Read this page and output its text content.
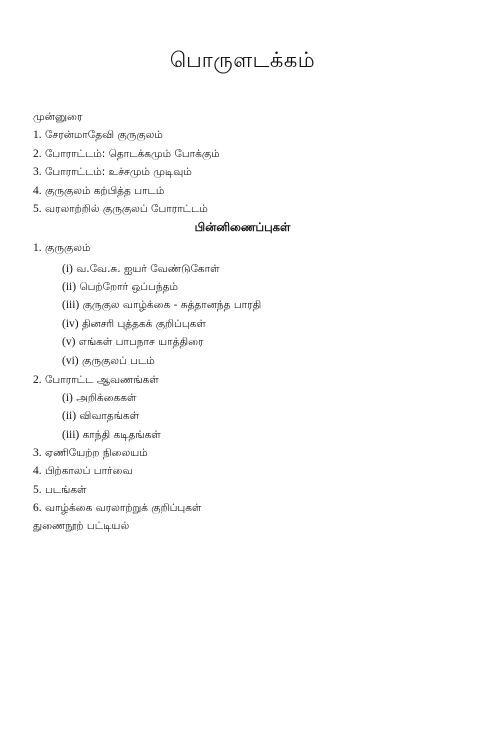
பொருளடக்கம்
முன்னுரை
1. சேரன்மாதேவி குருகுலம்
2. போராட்டம்: தொடக்கமும் போக்கும்
3. போராட்டம்: உச்சமும் முடிவும்
4. குருகுலம் கற்பித்த பாடம்
5. வரலாற்றில் குருகுலப் போராட்டம்
பின்னிணைப்புகள்
1. குருகுலம்
(i) வ.வே.சு. ஐயர் வேண்டுகோள்
(ii) பெற்றோர் ஒப்பந்தம்
(iii) குருகுல வாழ்க்கை - சுத்தானந்த பாரதி
(iv) தினசரி புத்தகக் குறிப்புகள்
(v) எங்கள் பாபநாச யாத்திரை
(vi) குருகுலப் படம்
2. போராட்ட ஆவணங்கள்
(i) அறிக்கைகள்
(ii) விவாதங்கள்
(iii) காந்தி கடிதங்கள்
3. ஏணியேற்ற நிலையம்
4. பிற்காலப் பார்வை
5. படங்கள்
6. வாழ்க்கை வரலாற்றுக் குறிப்புகள்
துணைநூற் பட்டியல்
